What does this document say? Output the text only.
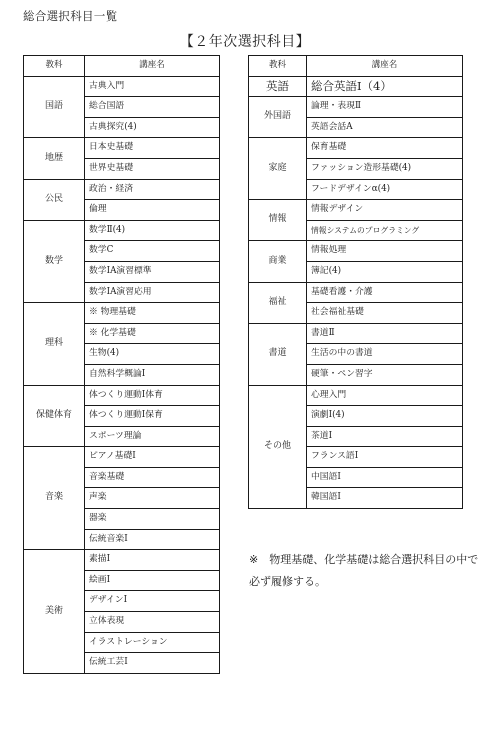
総合選択科目一覧
【２年次選択科目】
教科	講座名
国語	古典入門
	総合国語
	古典探究(4)
地歴	日本史基礎
	世界史基礎
公民	政治・経済
	倫理
数学	数学Ⅱ(4)
	数学C
	数学ⅠA演習標準
	数学ⅠA演習応用
理科	※ 物理基礎
	※ 化学基礎
	生物(4)
	自然科学概論Ⅰ
保健体育	体つくり運動Ⅰ体育
	体つくり運動Ⅰ保育
	スポーツ理論
音楽	ピアノ基礎Ⅰ
	音楽基礎
	声楽
	器楽
	伝統音楽Ⅰ
美術	素描Ⅰ
	絵画Ⅰ
	デザインⅠ
	立体表現
	イラストレーション
	伝統工芸Ⅰ
教科	講座名
英語	総合英語Ⅰ（4）
外国語	論理・表現Ⅱ
	英語会話A
家庭	保育基礎
	ファッション造形基礎(4)
	フードデザインα(4)
情報	情報デザイン
	情報システムのプログラミング
商業	情報処理
	簿記(4)
福祉	基礎看護・介護
	社会福祉基礎
書道	書道Ⅱ
	生活の中の書道
	硬筆・ペン習字
その他	心理入門
	演劇Ⅰ(4)
	茶道Ⅰ
	フランス語Ⅰ
	中国語Ⅰ
	韓国語Ⅰ
※　物理基礎、化学基礎は総合選択科目の中で必ず履修する。
